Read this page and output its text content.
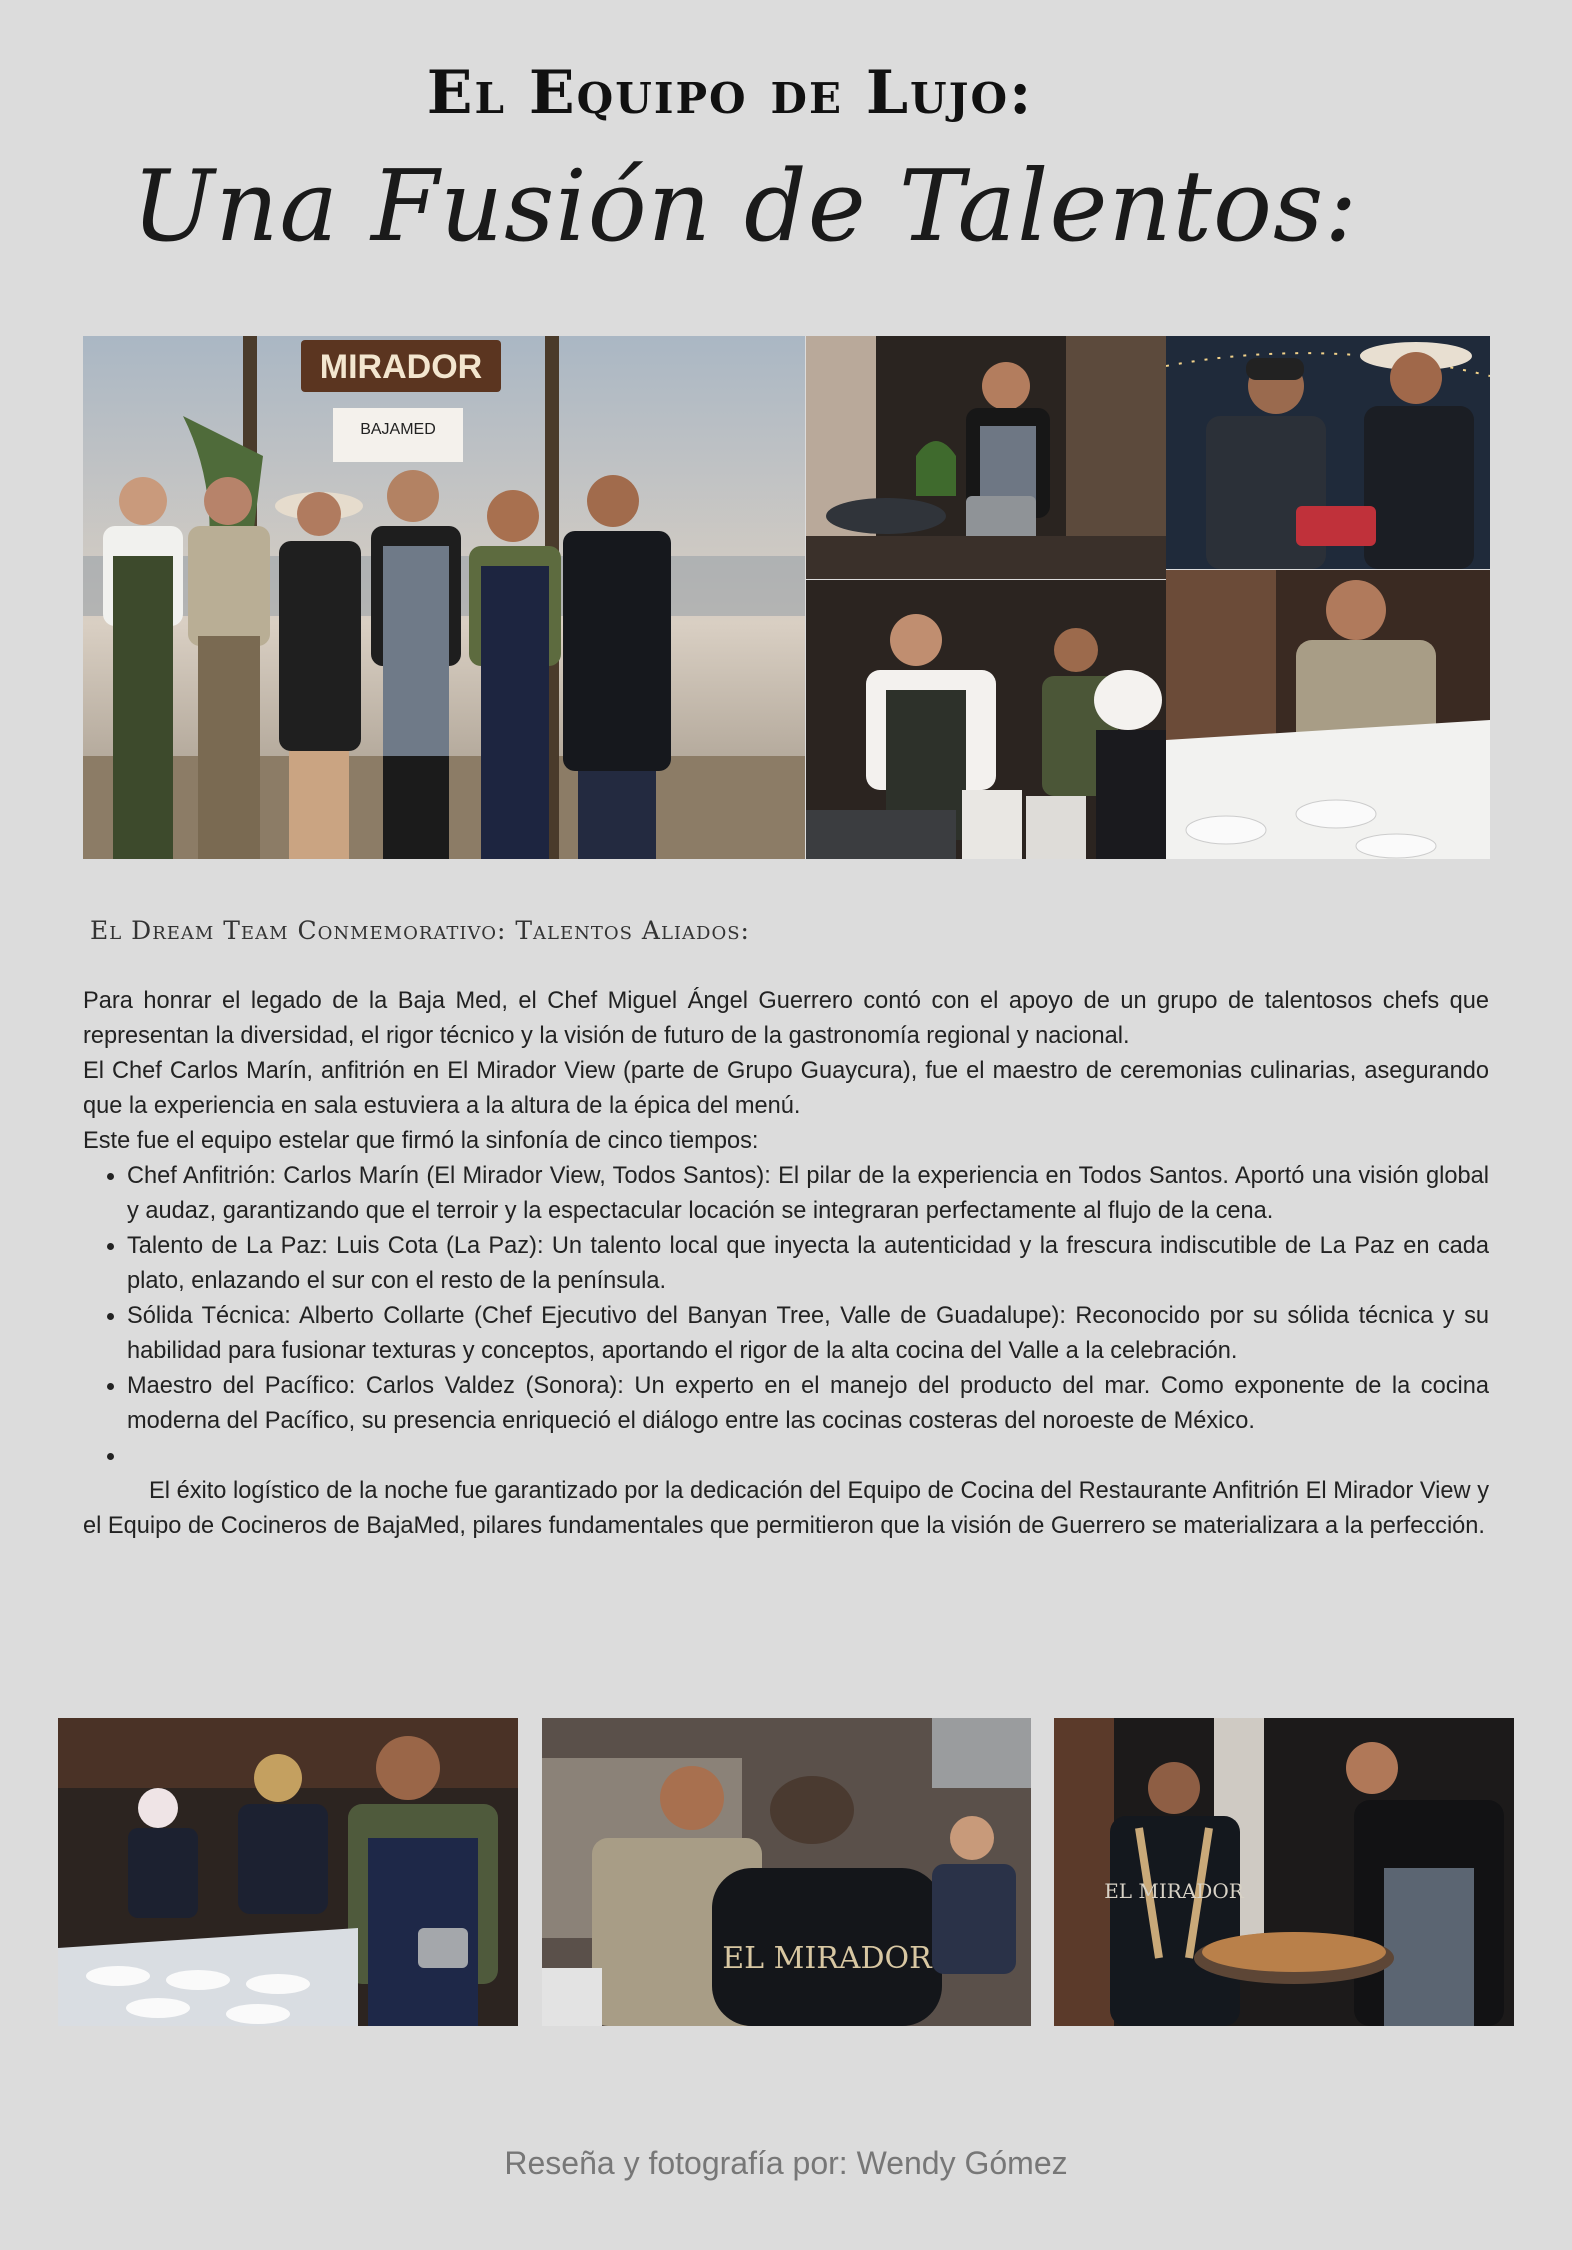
El Equipo de Lujo:
Una Fusión de Talentos:
MIRADOR
BAJAMED
El Dream Team Conmemorativo: Talentos Aliados:

Para honrar el legado de la Baja Med, el Chef Miguel Ángel Guerrero contó con el apoyo de un grupo de talentosos chefs que representan la diversidad, el rigor técnico y la visión de futuro de la gastronomía regional y nacional.

El Chef Carlos Marín, anfitrión en El Mirador View (parte de Grupo Guaycura), fue el maestro de ceremonias culinarias, asegurando que la experiencia en sala estuviera a la altura de la épica del menú.

Este fue el equipo estelar que firmó la sinfonía de cinco tiempos:

• Chef Anfitrión: Carlos Marín (El Mirador View, Todos Santos): El pilar de la experiencia en Todos Santos. Aportó una visión global y audaz, garantizando que el terroir y la espectacular locación se integraran perfectamente al flujo de la cena.
• Talento de La Paz: Luis Cota (La Paz): Un talento local que inyecta la autenticidad y la frescura indiscutible de La Paz en cada plato, enlazando el sur con el resto de la península.
• Sólida Técnica: Alberto Collarte (Chef Ejecutivo del Banyan Tree, Valle de Guadalupe): Reconocido por su sólida técnica y su habilidad para fusionar texturas y conceptos, aportando el rigor de la alta cocina del Valle a la celebración.
• Maestro del Pacífico: Carlos Valdez (Sonora): Un experto en el manejo del producto del mar. Como exponente de la cocina moderna del Pacífico, su presencia enriqueció el diálogo entre las cocinas costeras del noroeste de México.
•

El éxito logístico de la noche fue garantizado por la dedicación del Equipo de Cocina del Restaurante Anfitrión El Mirador View y el Equipo de Cocineros de BajaMed, pilares fundamentales que permitieron que la visión de Guerrero se materializara a la perfección.

EL MIRADOR
EL MIRADOR
Reseña y fotografía por: Wendy Gómez
